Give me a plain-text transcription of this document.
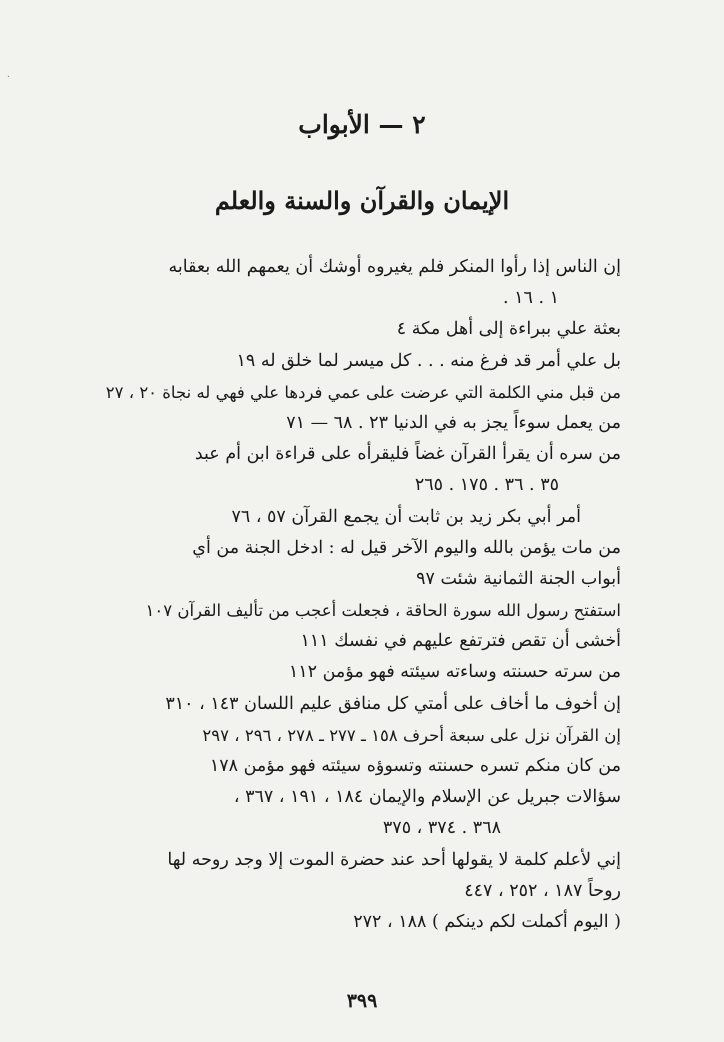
·
٢ — الأبواب
الإيمان والقرآن والسنة والعلم
إن الناس إذا رأوا المنكر فلم يغيروه أوشك أن يعمهم الله بعقابه
١ . ١٦ .
بعثة علي ببراءة إلى أهل مكة ٤
بل علي أمر قد فرغ منه . . . كل ميسر لما خلق له ١٩
من قبل مني الكلمة التي عرضت على عمي فردها علي فهي له نجاة ٢٠ ، ٢٧
من يعمل سوءاً يجز به في الدنيا ٢٣ . ٦٨ — ٧١
من سره أن يقرأ القرآن غضاً فليقرأه على قراءة ابن أم عبد
٣٥ . ٣٦ . ١٧٥ . ٢٦٥
أمر أبي بكر زيد بن ثابت أن يجمع القرآن ٥٧ ، ٧٦
من مات يؤمن بالله واليوم الآخر قيل له : ادخل الجنة من أي
أبواب الجنة الثمانية شئت ٩٧
استفتح رسول الله سورة الحاقة ، فجعلت أعجب من تأليف القرآن ١٠٧
أخشى أن تقص فترتفع عليهم في نفسك ١١١
من سرته حسنته وساءته سيئته فهو مؤمن ١١٢
إن أخوف ما أخاف على أمتي كل منافق عليم اللسان ١٤٣ ، ٣١٠
إن القرآن نزل على سبعة أحرف ١٥٨ ـ ٢٧٧ ـ ٢٧٨ ، ٢٩٦ ، ٢٩٧
من كان منكم تسره حسنته وتسوؤه سيئته فهو مؤمن ١٧٨
سؤالات جبريل عن الإسلام والإيمان ١٨٤ ، ١٩١ ، ٣٦٧ ،
٣٦٨ . ٣٧٤ ، ٣٧٥
إني لأعلم كلمة لا يقولها أحد عند حضرة الموت إلا وجد روحه لها
روحاً ١٨٧ ، ٢٥٢ ، ٤٤٧
( اليوم أكملت لكم دينكم ) ١٨٨ ، ٢٧٢
٣٩٩
